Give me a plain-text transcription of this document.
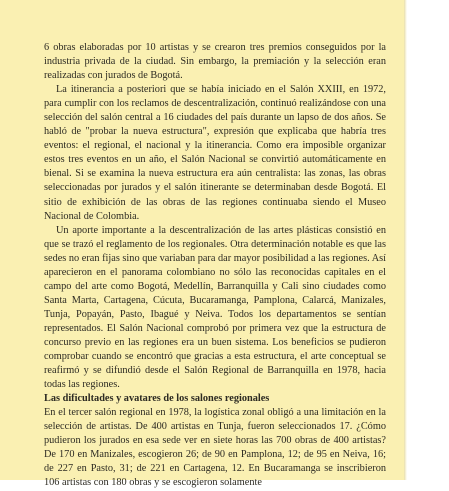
6 obras elaboradas por 10 artistas y se crearon tres premios conseguidos por la industria privada de la ciudad. Sin embargo, la premiación y la selección eran realizadas con jurados de Bogotá.

La itinerancia a posteriori que se había iniciado en el Salón XXIII, en 1972, para cumplir con los reclamos de descentralización, continuó realizándose con una selección del salón central a 16 ciudades del país durante un lapso de dos años. Se habló de "probar la nueva estructura", expresión que explicaba que habría tres eventos: el regional, el nacional y la itinerancia. Como era imposible organizar estos tres eventos en un año, el Salón Nacional se convirtió automáticamente en bienal. Si se examina la nueva estructura era aún centralista: las zonas, las obras seleccionadas por jurados y el salón itinerante se determinaban desde Bogotá. El sitio de exhibición de las obras de las regiones continuaba siendo el Museo Nacional de Colombia.

Un aporte importante a la descentralización de las artes plásticas consistió en que se trazó el reglamento de los regionales. Otra determinación notable es que las sedes no eran fijas sino que variaban para dar mayor posibilidad a las regiones. Así aparecieron en el panorama colombiano no sólo las reconocidas capitales en el campo del arte como Bogotá, Medellín, Barranquilla y Cali sino ciudades como Santa Marta, Cartagena, Cúcuta, Bucaramanga, Pamplona, Calarcá, Manizales, Tunja, Popayán, Pasto, Ibagué y Neiva. Todos los departamentos se sentían representados. El Salón Nacional comprobó por primera vez que la estructura de concurso previo en las regiones era un buen sistema. Los beneficios se pudieron comprobar cuando se encontró que gracias a esta estructura, el arte conceptual se reafirmó y se difundió desde el Salón Regional de Barranquilla en 1978, hacia todas las regiones.

Las dificultades y avatares de los salones regionales

En el tercer salón regional en 1978, la logística zonal obligó a una limitación en la selección de artistas. De 400 artistas en Tunja, fueron seleccionados 17. ¿Cómo pudieron los jurados en esa sede ver en siete horas las 700 obras de 400 artistas? De 170 en Manizales, escogieron 26; de 90 en Pamplona, 12; de 95 en Neiva, 16; de 227 en Pasto, 31; de 221 en Cartagena, 12. En Bucaramanga se inscribieron 106 artistas con 180 obras y se escogieron solamente
